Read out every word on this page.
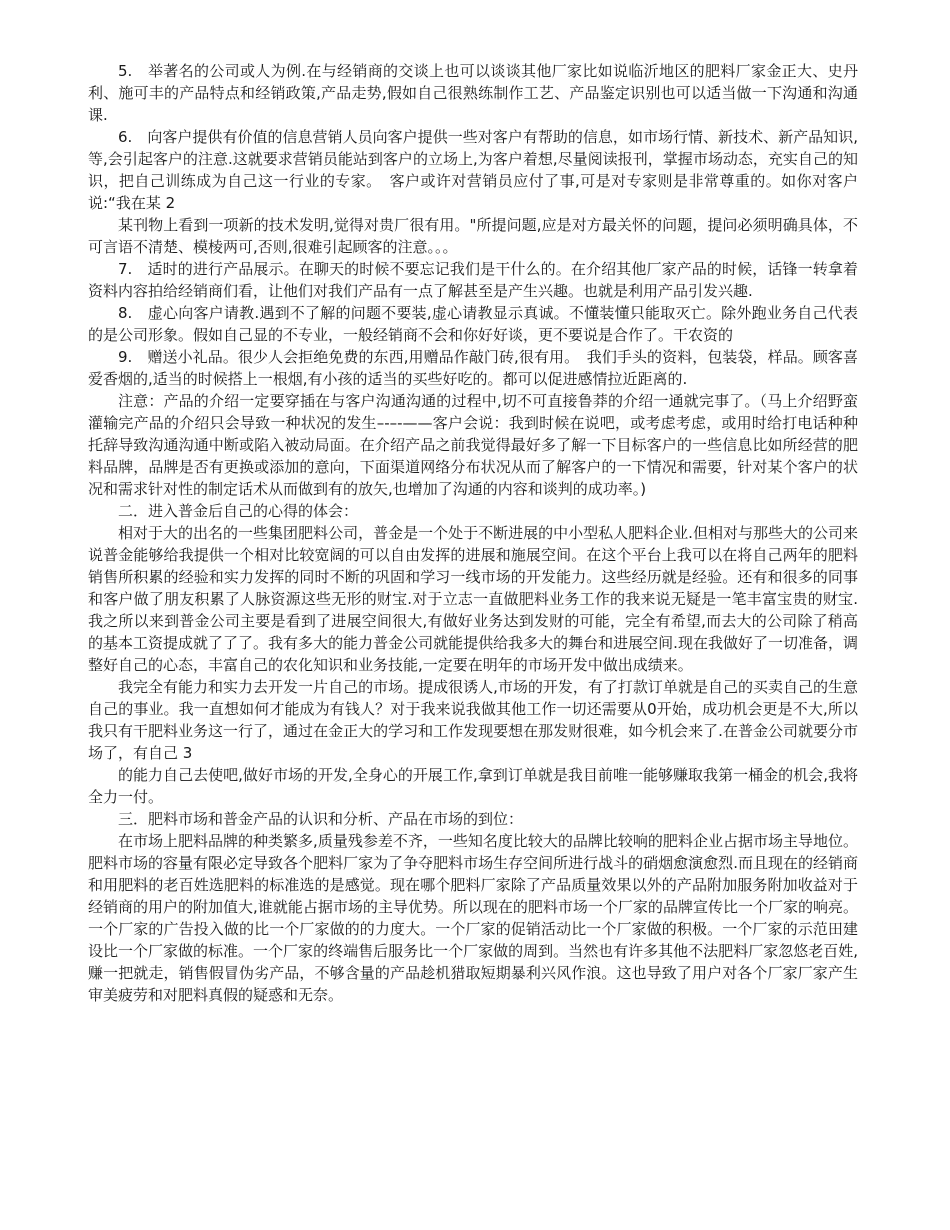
5.　举著名的公司或人为例.在与经销商的交谈上也可以谈谈其他厂家比如说临沂地区的肥料厂家金正大、史丹利、施可丰的产品特点和经销政策,产品走势,假如自己很熟练制作工艺、产品鉴定识别也可以适当做一下沟通和沟通课.

6.　向客户提供有价值的信息营销人员向客户提供一些对客户有帮助的信息，如市场行情、新技术、新产品知识,等,会引起客户的注意.这就要求营销员能站到客户的立场上,为客户着想,尽量阅读报刊，掌握市场动态，充实自己的知识，把自己训练成为自己这一行业的专家。　客户或许对营销员应付了事,可是对专家则是非常尊重的。如你对客户说:“我在某 2

某刊物上看到一项新的技术发明,觉得对贵厂很有用。"所提问题,应是对方最关怀的问题，提问必须明确具体，不可言语不清楚、模棱两可,否则,很难引起顾客的注意。。。

7.　适时的进行产品展示。在聊天的时候不要忘记我们是干什么的。在介绍其他厂家产品的时候，话锋一转拿着资料内容拍给经销商们看，让他们对我们产品有一点了解甚至是产生兴趣。也就是利用产品引发兴趣.

8.　虚心向客户请教.遇到不了解的问题不要装,虚心请教显示真诚。不懂装懂只能取灭亡。除外跑业务自己代表的是公司形象。假如自己显的不专业，一般经销商不会和你好好谈，更不要说是合作了。干农资的

9.　赠送小礼品。很少人会拒绝免费的东西,用赠品作敲门砖,很有用。　我们手头的资料，包装袋，样品。顾客喜爱香烟的,适当的时候搭上一根烟,有小孩的适当的买些好吃的。都可以促进感情拉近距离的.

注意：产品的介绍一定要穿插在与客户沟通沟通的过程中,切不可直接鲁莽的介绍一通就完事了。（马上介绍野蛮灌输完产品的介绍只会导致一种状况的发生–-–-——客户会说：我到时候在说吧，或考虑考虑，或用时给打电话种种托辞导致沟通沟通中断或陷入被动局面。在介绍产品之前我觉得最好多了解一下目标客户的一些信息比如所经营的肥料品牌，品牌是否有更换或添加的意向，下面渠道网络分布状况从而了解客户的一下情况和需要，针对某个客户的状况和需求针对性的制定话术从而做到有的放矢,也增加了沟通的内容和谈判的成功率。)

二．进入普金后自己的心得的体会：

相对于大的出名的一些集团肥料公司，普金是一个处于不断进展的中小型私人肥料企业.但相对与那些大的公司来说普金能够给我提供一个相对比较宽阔的可以自由发挥的进展和施展空间。在这个平台上我可以在将自己两年的肥料销售所积累的经验和实力发挥的同时不断的巩固和学习一线市场的开发能力。这些经历就是经验。还有和很多的同事和客户做了朋友积累了人脉资源这些无形的财宝.对于立志一直做肥料业务工作的我来说无疑是一笔丰富宝贵的财宝.我之所以来到普金公司主要是看到了进展空间很大,有做好业务达到发财的可能，完全有希望,而去大的公司除了稍高的基本工资提成就了了了。我有多大的能力普金公司就能提供给我多大的舞台和进展空间.现在我做好了一切准备，调整好自己的心态，丰富自己的农化知识和业务技能,一定要在明年的市场开发中做出成绩来。

我完全有能力和实力去开发一片自己的市场。提成很诱人,市场的开发，有了打款订单就是自己的买卖自己的生意自己的事业。我一直想如何才能成为有钱人？对于我来说我做其他工作一切还需要从0开始，成功机会更是不大,所以我只有干肥料业务这一行了，通过在金正大的学习和工作发现要想在那发财很难，如今机会来了.在普金公司就要分市场了，有自己 3

的能力自己去使吧,做好市场的开发,全身心的开展工作,拿到订单就是我目前唯一能够赚取我第一桶金的机会,我将全力一付。

三．肥料市场和普金产品的认识和分析、产品在市场的到位：

在市场上肥料品牌的种类繁多,质量残参差不齐，一些知名度比较大的品牌比较响的肥料企业占据市场主导地位。肥料市场的容量有限必定导致各个肥料厂家为了争夺肥料市场生存空间所进行战斗的硝烟愈演愈烈.而且现在的经销商和用肥料的老百姓选肥料的标准选的是感觉。现在哪个肥料厂家除了产品质量效果以外的产品附加服务附加收益对于经销商的用户的附加值大,谁就能占据市场的主导优势。所以现在的肥料市场一个厂家的品牌宣传比一个厂家的响亮。一个厂家的广告投入做的比一个厂家做的的力度大。一个厂家的促销活动比一个厂家做的积极。一个厂家的示范田建设比一个厂家做的标准。一个厂家的终端售后服务比一个厂家做的周到。当然也有许多其他不法肥料厂家忽悠老百姓,赚一把就走，销售假冒伪劣产品，不够含量的产品趁机猎取短期暴利兴风作浪。这也导致了用户对各个厂家厂家产生审美疲劳和对肥料真假的疑惑和无奈。
